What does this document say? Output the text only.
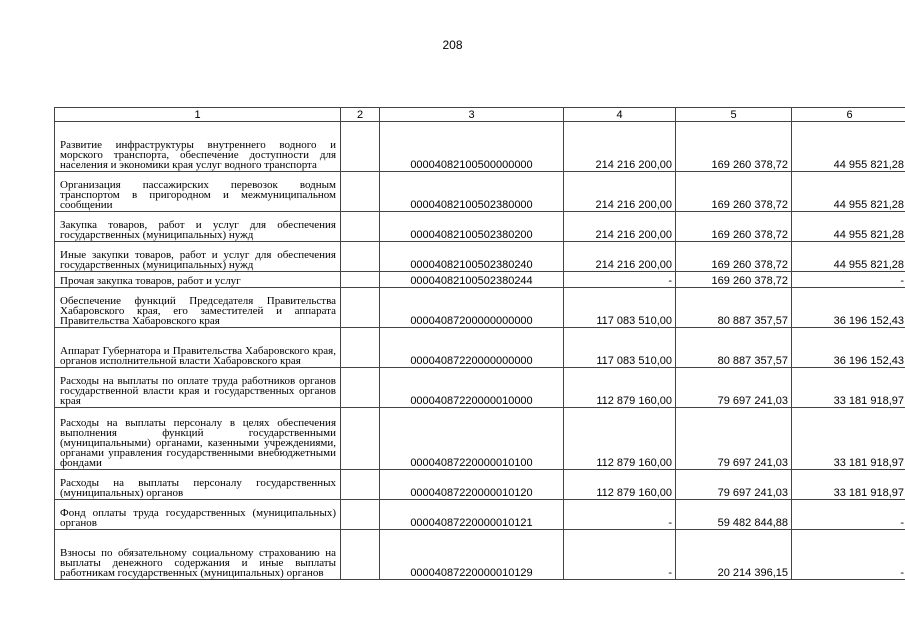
208
1	2	3	4	5	6
Развитие инфраструктуры внутреннего водного и морского транспорта, обеспечение доступности для населения и экономики края услуг водного транспорта		00004082100500000000	214 216 200,00	169 260 378,72	44 955 821,28
Организация пассажирских перевозок водным транспортом в пригородном и межмуниципальном сообщении		00004082100502380000	214 216 200,00	169 260 378,72	44 955 821,28
Закупка товаров, работ и услуг для обеспечения государственных (муниципальных) нужд		00004082100502380200	214 216 200,00	169 260 378,72	44 955 821,28
Иные закупки товаров, работ и услуг для обеспечения государственных (муниципальных) нужд		00004082100502380240	214 216 200,00	169 260 378,72	44 955 821,28
Прочая закупка товаров, работ и услуг		00004082100502380244	-	169 260 378,72	-
Обеспечение функций Председателя Правительства Хабаровского края, его заместителей и аппарата Правительства Хабаровского края		00004087200000000000	117 083 510,00	80 887 357,57	36 196 152,43
Аппарат Губернатора и Правительства Хабаровского края, органов исполнительной власти Хабаровского края		00004087220000000000	117 083 510,00	80 887 357,57	36 196 152,43
Расходы на выплаты по оплате труда работников органов государственной власти края и государственных органов края		00004087220000010000	112 879 160,00	79 697 241,03	33 181 918,97
Расходы на выплаты персоналу в целях обеспечения выполнения функций государственными (муниципальными) органами, казенными учреждениями, органами управления государственными внебюджетными фондами		00004087220000010100	112 879 160,00	79 697 241,03	33 181 918,97
Расходы на выплаты персоналу государственных (муниципальных) органов		00004087220000010120	112 879 160,00	79 697 241,03	33 181 918,97
Фонд оплаты труда государственных (муниципальных) органов		00004087220000010121	-	59 482 844,88	-
Взносы по обязательному социальному страхованию на выплаты денежного содержания и иные выплаты работникам государственных (муниципальных) органов		00004087220000010129	-	20 214 396,15	-
